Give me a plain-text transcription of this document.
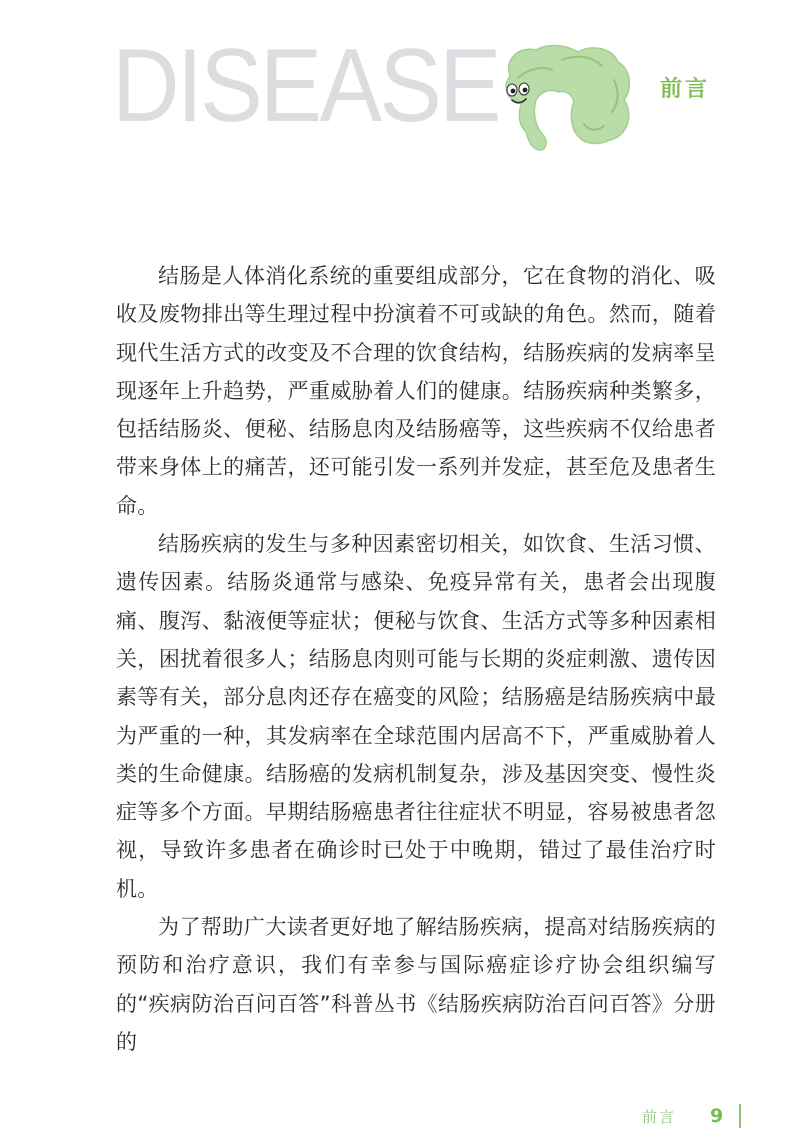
DISEASE	前言

结肠是人体消化系统的重要组成部分，它在食物的消化、吸收及废物排出等生理过程中扮演着不可或缺的角色。然而，随着现代生活方式的改变及不合理的饮食结构，结肠疾病的发病率呈现逐年上升趋势，严重威胁着人们的健康。结肠疾病种类繁多，包括结肠炎、便秘、结肠息肉及结肠癌等，这些疾病不仅给患者带来身体上的痛苦，还可能引发一系列并发症，甚至危及患者生命。

结肠疾病的发生与多种因素密切相关，如饮食、生活习惯、遗传因素。结肠炎通常与感染、免疫异常有关，患者会出现腹痛、腹泻、黏液便等症状；便秘与饮食、生活方式等多种因素相关，困扰着很多人；结肠息肉则可能与长期的炎症刺激、遗传因素等有关，部分息肉还存在癌变的风险；结肠癌是结肠疾病中最为严重的一种，其发病率在全球范围内居高不下，严重威胁着人类的生命健康。结肠癌的发病机制复杂，涉及基因突变、慢性炎症等多个方面。早期结肠癌患者往往症状不明显，容易被患者忽视，导致许多患者在确诊时已处于中晚期，错过了最佳治疗时机。

为了帮助广大读者更好地了解结肠疾病，提高对结肠疾病的预防和治疗意识，我们有幸参与国际癌症诊疗协会组织编写的“疾病防治百问百答”科普丛书《结肠疾病防治百问百答》分册的

前言 9
